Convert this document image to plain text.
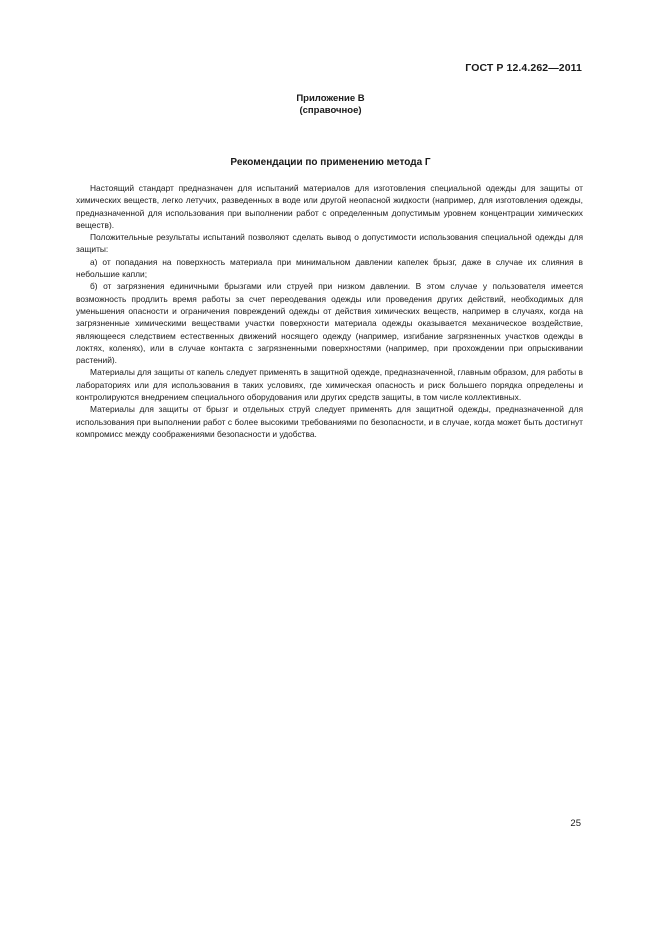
ГОСТ Р 12.4.262—2011
Приложение В
(справочное)
Рекомендации по применению метода Г

Настоящий стандарт предназначен для испытаний материалов для изготовления специальной одежды для защиты от химических веществ, легко летучих, разведенных в воде или другой неопасной жидкости (например, для изготовления одежды, предназначенной для использования при выполнении работ с определенным допустимым уровнем концентрации химических веществ).

Положительные результаты испытаний позволяют сделать вывод о допустимости использования специальной одежды для защиты:

а) от попадания на поверхность материала при минимальном давлении капелек брызг, даже в случае их слияния в небольшие капли;

б) от загрязнения единичными брызгами или струей при низком давлении. В этом случае у пользователя имеется возможность продлить время работы за счет переодевания одежды или проведения других действий, необходимых для уменьшения опасности и ограничения повреждений одежды от действия химических веществ, например в случаях, когда на загрязненные химическими веществами участки поверхности материала одежды оказывается механическое воздействие, являющееся следствием естественных движений носящего одежду (например, изгибание загрязненных участков одежды в локтях, коленях), или в случае контакта с загрязненными поверхностями (например, при прохождении при опрыскивании растений).

Материалы для защиты от капель следует применять в защитной одежде, предназначенной, главным образом, для работы в лабораториях или для использования в таких условиях, где химическая опасность и риск большего порядка определены и контролируются внедрением специального оборудования или других средств защиты, в том числе коллективных.

Материалы для защиты от брызг и отдельных струй следует применять для защитной одежды, предназначенной для использования при выполнении работ с более высокими требованиями по безопасности, и в случае, когда может быть достигнут компромисс между соображениями безопасности и удобства.

25
